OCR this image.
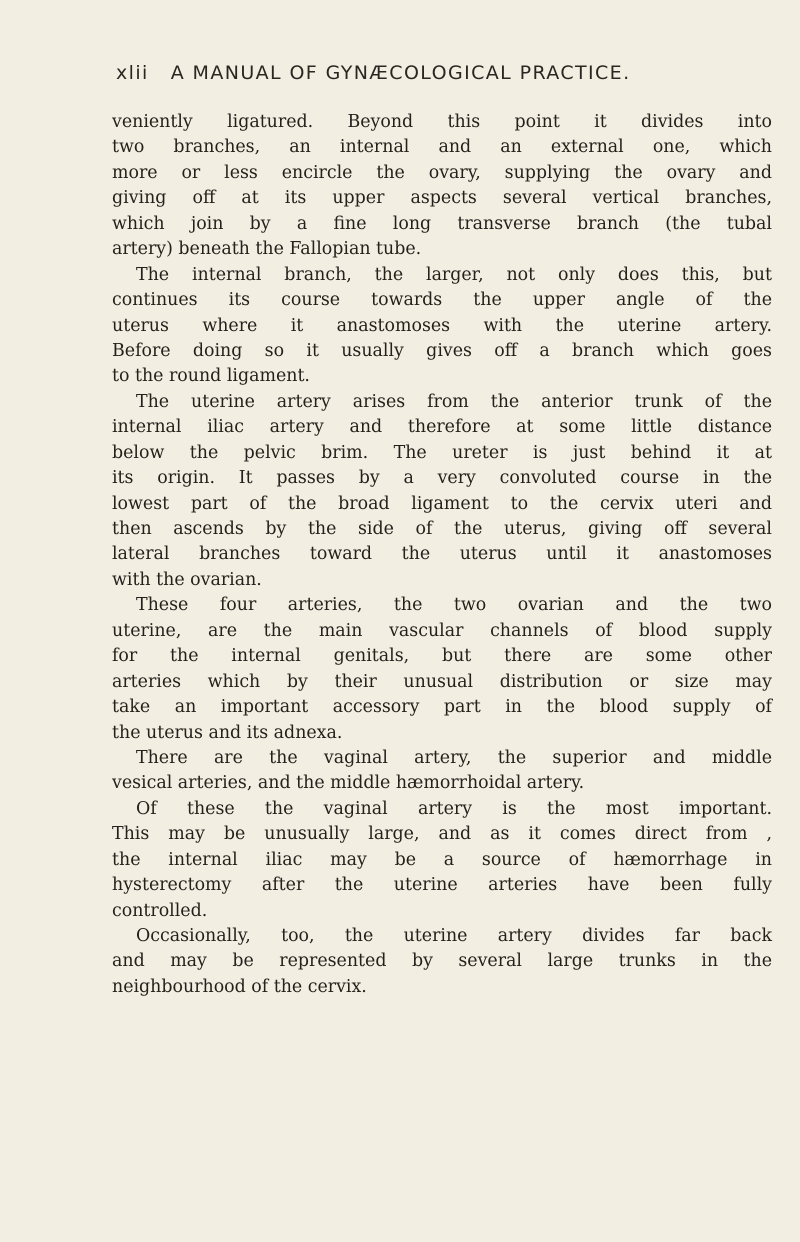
xlii A MANUAL OF GYNÆCOLOGICAL PRACTICE.
veniently ligatured. Beyond this point it divides into
two branches, an internal and an external one, which
more or less encircle the ovary, supplying the ovary and
giving off at its upper aspects several vertical branches,
which join by a fine long transverse branch (the tubal
artery) beneath the Fallopian tube.
The internal branch, the larger, not only does this, but
continues its course towards the upper angle of the
uterus where it anastomoses with the uterine artery.
Before doing so it usually gives off a branch which goes
to the round ligament.
The uterine artery arises from the anterior trunk of the
internal iliac artery and therefore at some little distance
below the pelvic brim. The ureter is just behind it at
its origin. It passes by a very convoluted course in the
lowest part of the broad ligament to the cervix uteri and
then ascends by the side of the uterus, giving off several
lateral branches toward the uterus until it anastomoses
with the ovarian.
These four arteries, the two ovarian and the two
uterine, are the main vascular channels of blood supply
for the internal genitals, but there are some other
arteries which by their unusual distribution or size may
take an important accessory part in the blood supply of
the uterus and its adnexa.
There are the vaginal artery, the superior and middle
vesical arteries, and the middle hæmorrhoidal artery.
Of these the vaginal artery is the most important.
This may be unusually large, and as it comes direct from ,
the internal iliac may be a source of hæmorrhage in
hysterectomy after the uterine arteries have been fully
controlled.
Occasionally, too, the uterine artery divides far back
and may be represented by several large trunks in the
neighbourhood of the cervix.
